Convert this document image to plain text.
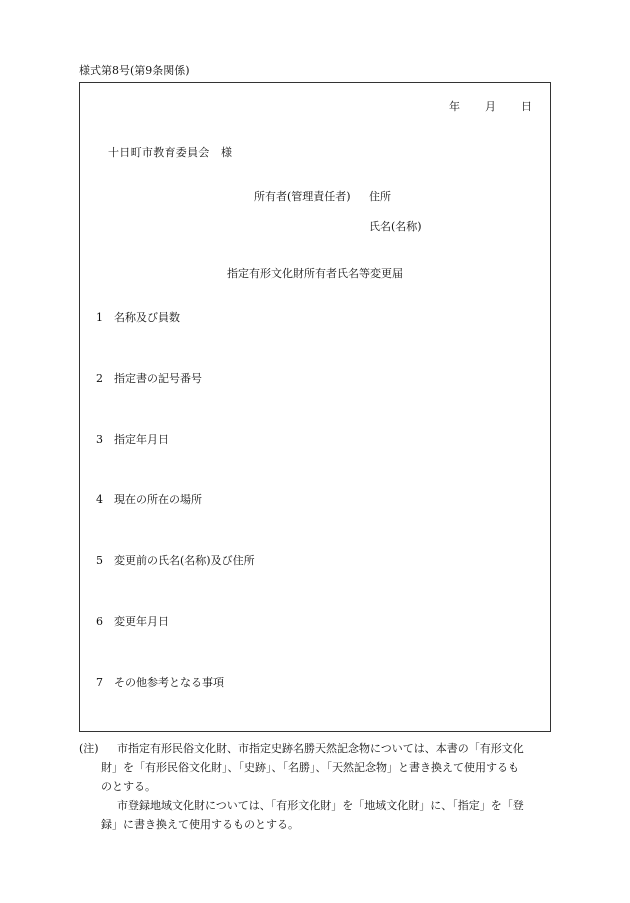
様式第8号(第9条関係)
年	月	日
十日町市教育委員会　様
所有者(管理責任者) 住所
氏名(名称)
指定有形文化財所有者氏名等変更届
1 名称及び員数
2 指定書の記号番号
3 指定年月日
4 現在の所在の場所
5 変更前の氏名(名称)及び住所
6 変更年月日
7 その他参考となる事項
(注) 市指定有形民俗文化財、市指定史跡名勝天然記念物については、本書の「有形文化
財」を「有形民俗文化財」、「史跡」、「名勝」、「天然記念物」と書き換えて使用するも
のとする。
市登録地域文化財については、「有形文化財」を「地域文化財」に、「指定」を「登
録」に書き換えて使用するものとする。
